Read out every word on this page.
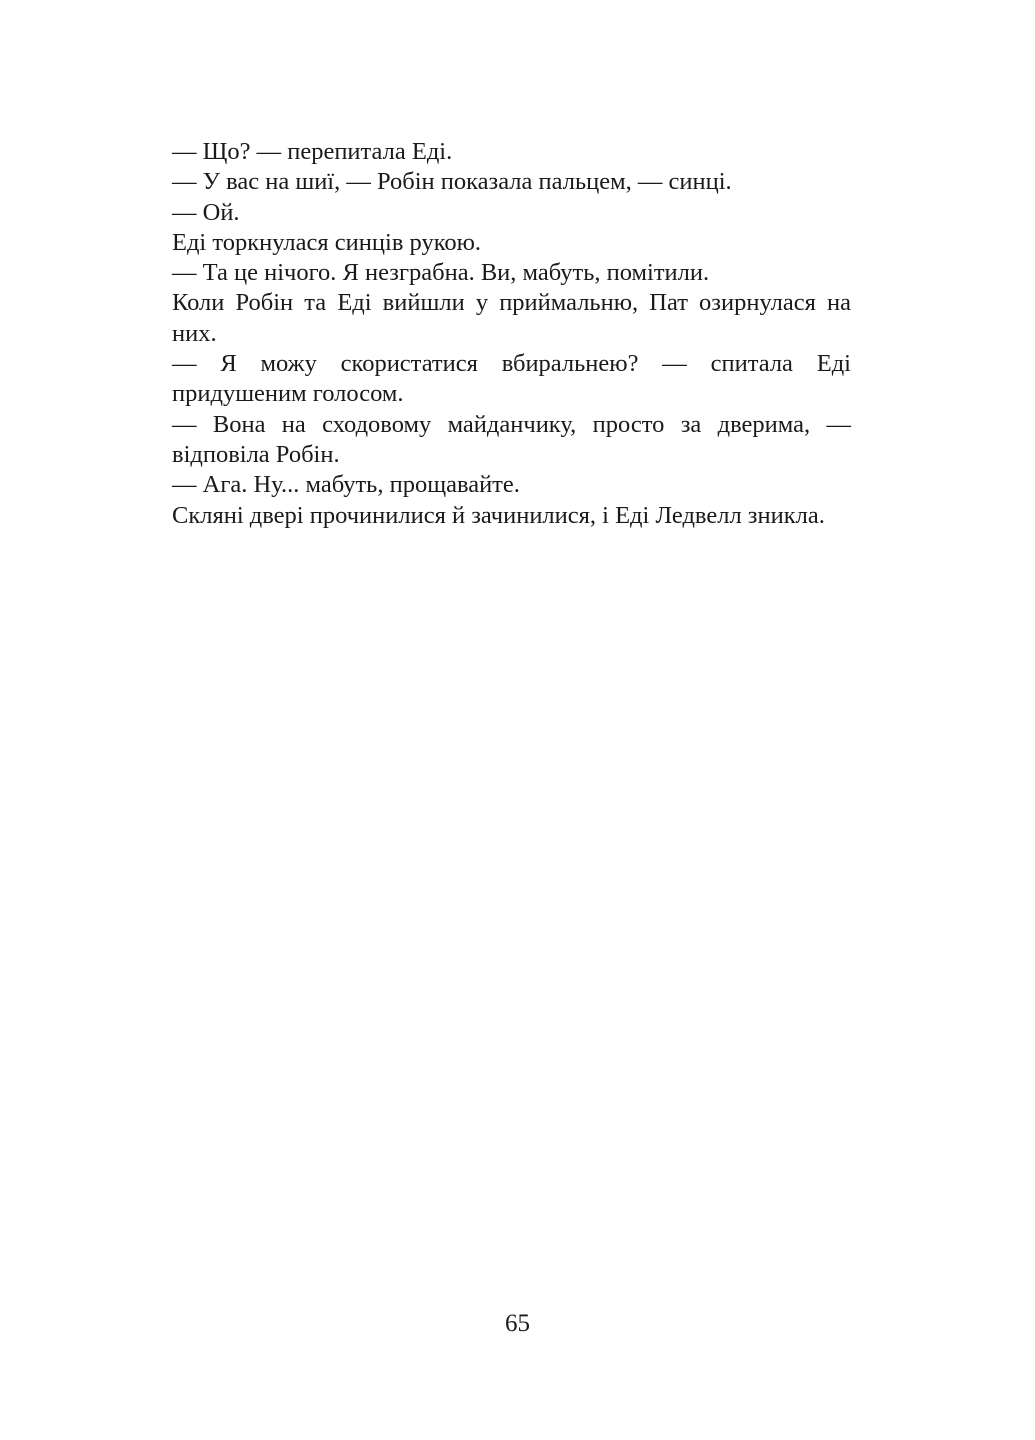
— Що? — перепитала Еді.

— У вас на шиї, — Робін показала пальцем, — синці.

— Ой.

Еді торкнулася синців рукою.

— Та це нічого. Я незграбна. Ви, мабуть, помітили.

Коли Робін та Еді вийшли у приймальню, Пат озирнулася на них.

— Я можу скористатися вбиральнею? — спитала Еді придушеним голосом.

— Вона на сходовому майданчику, просто за дверима, — відповіла Робін.

— Ага. Ну... мабуть, прощавайте.

Скляні двері прочинилися й зачинилися, і Еді Ледвелл зникла.

65
